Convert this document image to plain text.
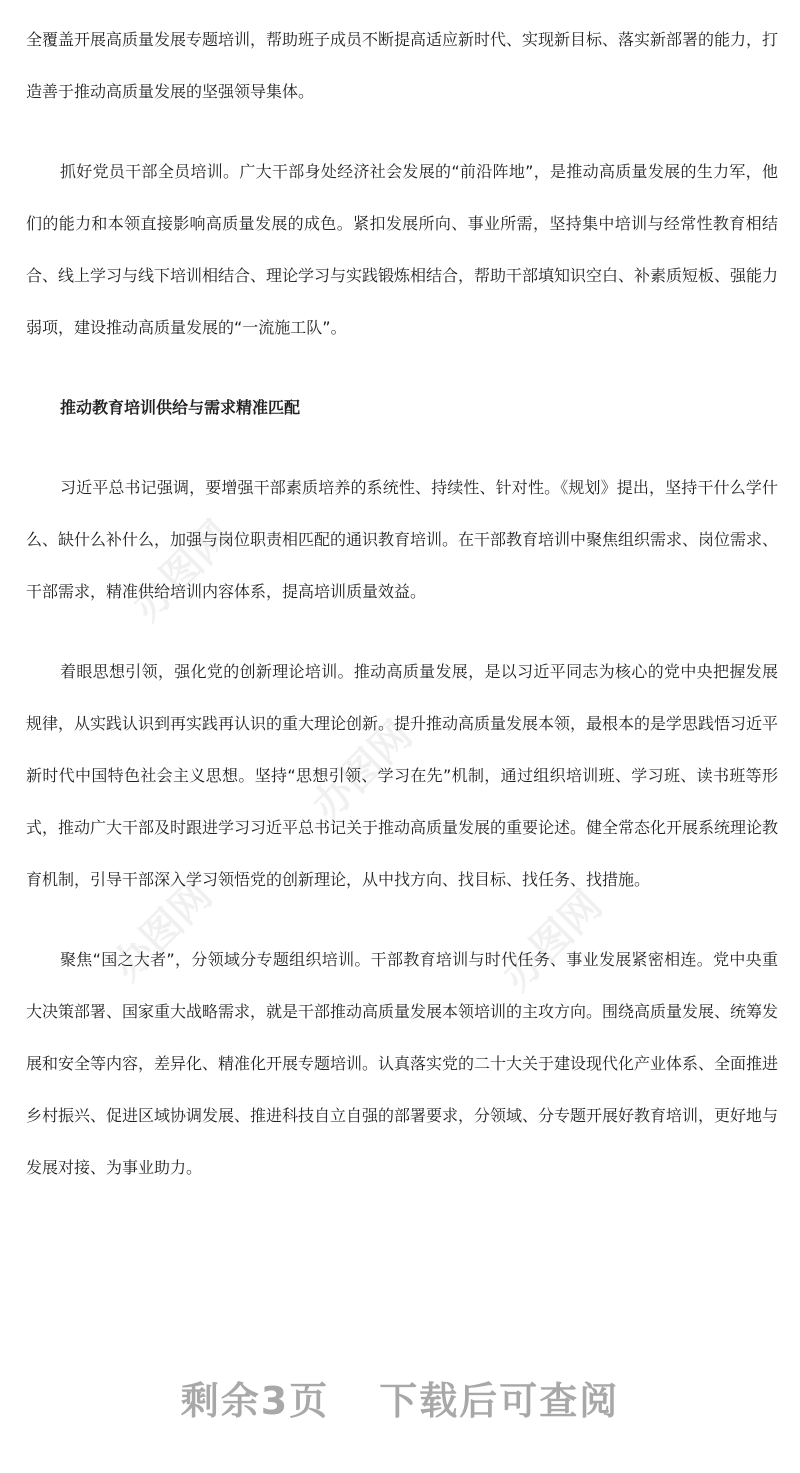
全覆盖开展高质量发展专题培训，帮助班子成员不断提高适应新时代、实现新目标、落实新部署的能力，打造善于推动高质量发展的坚强领导集体。

抓好党员干部全员培训。广大干部身处经济社会发展的“前沿阵地”，是推动高质量发展的生力军，他们的能力和本领直接影响高质量发展的成色。紧扣发展所向、事业所需，坚持集中培训与经常性教育相结合、线上学习与线下培训相结合、理论学习与实践锻炼相结合，帮助干部填知识空白、补素质短板、强能力弱项，建设推动高质量发展的“一流施工队”。

推动教育培训供给与需求精准匹配

习近平总书记强调，要增强干部素质培养的系统性、持续性、针对性。《规划》提出，坚持干什么学什么、缺什么补什么，加强与岗位职责相匹配的通识教育培训。在干部教育培训中聚焦组织需求、岗位需求、干部需求，精准供给培训内容体系，提高培训质量效益。

着眼思想引领，强化党的创新理论培训。推动高质量发展，是以习近平同志为核心的党中央把握发展规律，从实践认识到再实践再认识的重大理论创新。提升推动高质量发展本领，最根本的是学思践悟习近平新时代中国特色社会主义思想。坚持“思想引领、学习在先”机制，通过组织培训班、学习班、读书班等形式，推动广大干部及时跟进学习习近平总书记关于推动高质量发展的重要论述。健全常态化开展系统理论教育机制，引导干部深入学习领悟党的创新理论，从中找方向、找目标、找任务、找措施。

聚焦“国之大者”，分领域分专题组织培训。干部教育培训与时代任务、事业发展紧密相连。党中央重大决策部署、国家重大战略需求，就是干部推动高质量发展本领培训的主攻方向。围绕高质量发展、统筹发展和安全等内容，差异化、精准化开展专题培训。认真落实党的二十大关于建设现代化产业体系、全面推进乡村振兴、促进区域协调发展、推进科技自立自强的部署要求，分领域、分专题开展好教育培训，更好地与发展对接、为事业助力。

办图网
办图网
办图网	办图网
剩余3页 下载后可查阅
